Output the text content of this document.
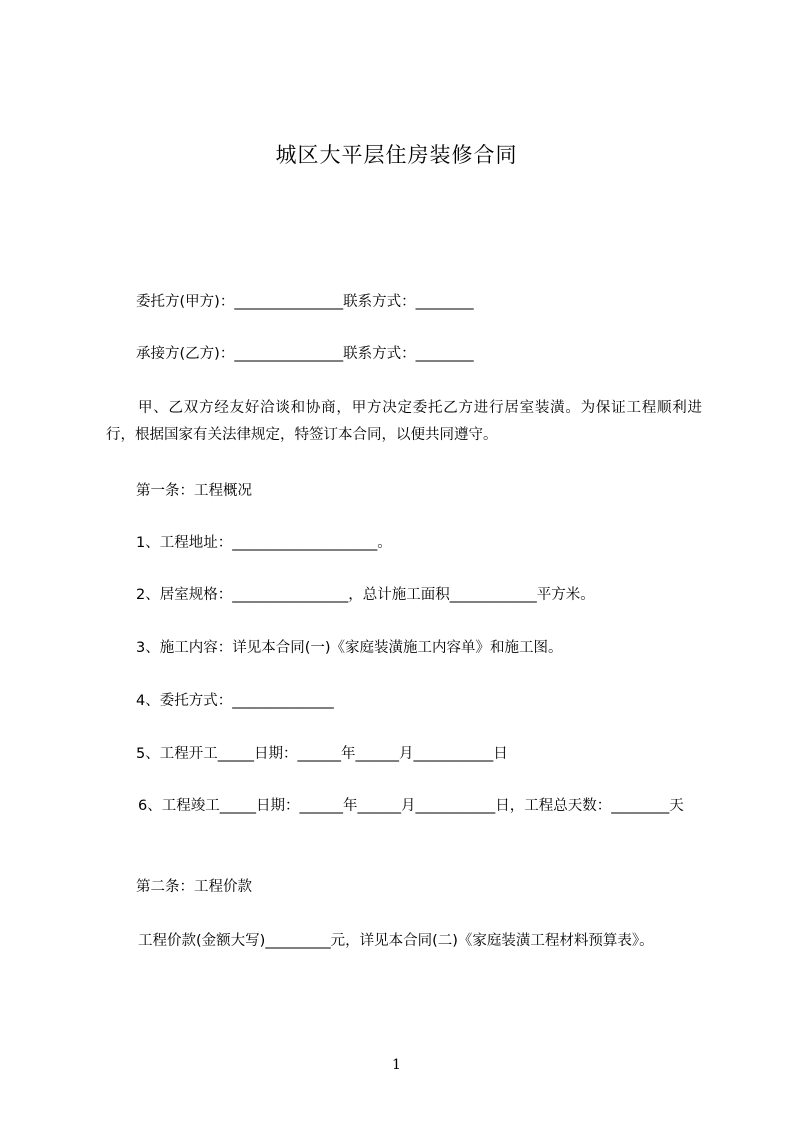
城区大平层住房装修合同
委托方(甲方)：_______________联系方式：________
承接方(乙方)：_______________联系方式：________
甲、乙双方经友好洽谈和协商，甲方决定委托乙方进行居室装潢。为保证工程顺利进行，根据国家有关法律规定，特签订本合同，以便共同遵守。
第一条：工程概况
1、工程地址：____________________。
2、居室规格：________________，总计施工面积____________平方米。
3、施工内容：详见本合同(一)《家庭装潢施工内容单》和施工图。
4、委托方式：______________
5、工程开工_____日期：______年______月___________日
6、工程竣工_____日期：______年______月___________日，工程总天数：________天
第二条：工程价款
工程价款(金额大写)_________元，详见本合同(二)《家庭装潢工程材料预算表》。
1
